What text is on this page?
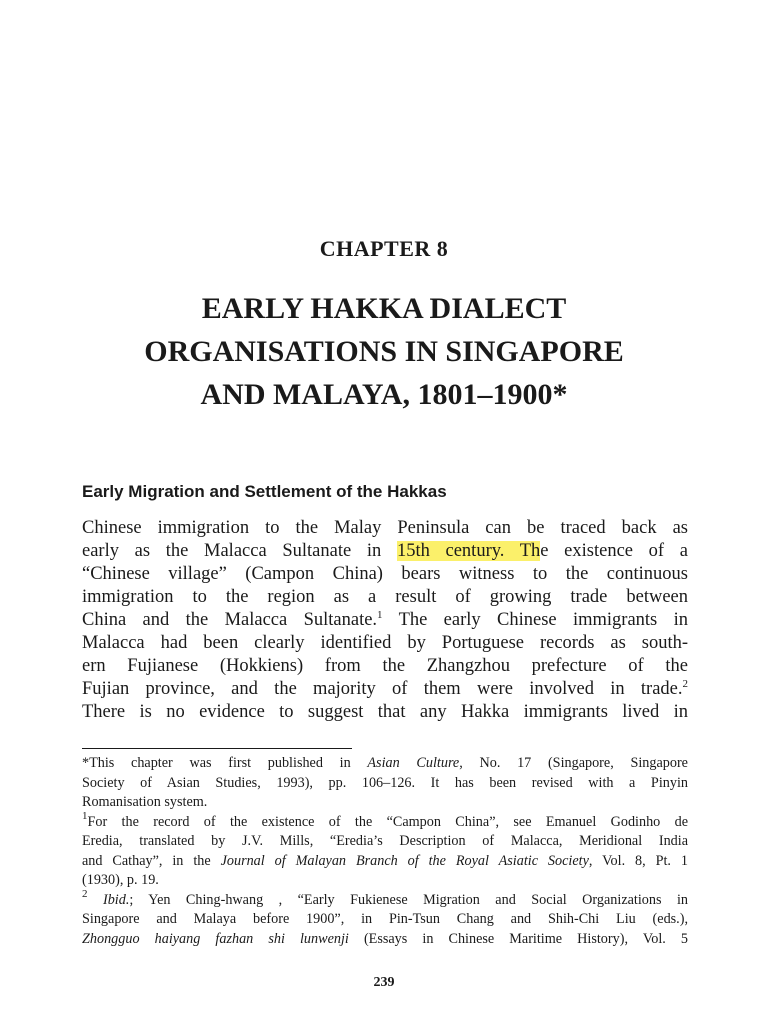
CHAPTER 8
EARLY HAKKA DIALECT
ORGANISATIONS IN SINGAPORE
AND MALAYA, 1801–1900*
Early Migration and Settlement of the Hakkas
Chinese immigration to the Malay Peninsula can be traced back as
early as the Malacca Sultanate in 15th century. The existence of a
“Chinese village” (Campon China) bears witness to the continuous
immigration to the region as a result of growing trade between
China and the Malacca Sultanate.$^1$ The early Chinese immigrants in
Malacca had been clearly identified by Portuguese records as south-
ern Fujianese (Hokkiens) from the Zhangzhou prefecture of the
Fujian province, and the majority of them were involved in trade.$^2$
There is no evidence to suggest that any Hakka immigrants lived in
*This chapter was first published in Asian Culture, No. 17 (Singapore, Singapore
Society of Asian Studies, 1993), pp. 106–126. It has been revised with a Pinyin
Romanisation system.
$^1$For the record of the existence of the “Campon China”, see Emanuel Godinho de
Eredia, translated by J.V. Mills, “Eredia’s Description of Malacca, Meridional India
and Cathay”, in the Journal of Malayan Branch of the Royal Asiatic Society, Vol. 8, Pt. 1
(1930), p. 19.
$^2$ Ibid.; Yen Ching-hwang , “Early Fukienese Migration and Social Organizations in
Singapore and Malaya before 1900”, in Pin-Tsun Chang and Shih-Chi Liu (eds.),
Zhongguo haiyang fazhan shi lunwenji (Essays in Chinese Maritime History), Vol. 5
239
